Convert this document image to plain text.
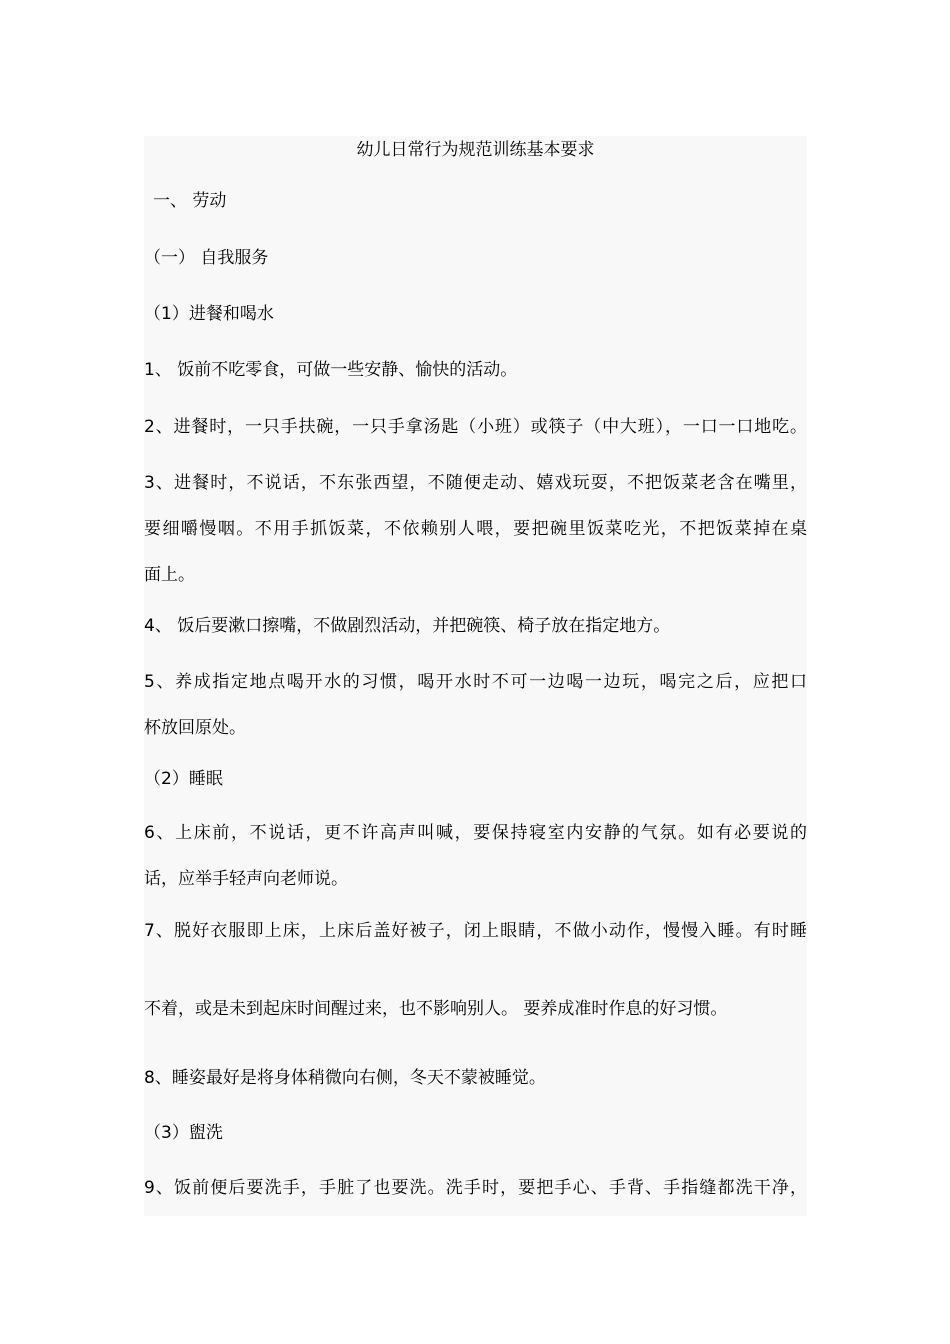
幼儿日常行为规范训练基本要求
一、 劳动
（一） 自我服务
（1）进餐和喝水
1、 饭前不吃零食，可做一些安静、愉快的活动。
2、进餐时，一只手扶碗，一只手拿汤匙（小班）或筷子（中大班），一口一口地吃。
3、进餐时，不说话，不东张西望，不随便走动、嬉戏玩耍，不把饭菜老含在嘴里，
要细嚼慢咽。不用手抓饭菜，不依赖别人喂，要把碗里饭菜吃光，不把饭菜掉在桌
面上。
4、 饭后要漱口擦嘴，不做剧烈活动，并把碗筷、椅子放在指定地方。
5、养成指定地点喝开水的习惯，喝开水时不可一边喝一边玩，喝完之后，应把口
杯放回原处。
（2）睡眠
6、上床前，不说话，更不许高声叫喊，要保持寝室内安静的气氛。如有必要说的
话，应举手轻声向老师说。
7、脱好衣服即上床，上床后盖好被子，闭上眼睛，不做小动作，慢慢入睡。有时睡
不着，或是未到起床时间醒过来，也不影响别人。 要养成准时作息的好习惯。
8、睡姿最好是将身体稍微向右侧，冬天不蒙被睡觉。
（3）盥洗
9、饭前便后要洗手，手脏了也要洗。洗手时，要把手心、手背、手指缝都洗干净，
